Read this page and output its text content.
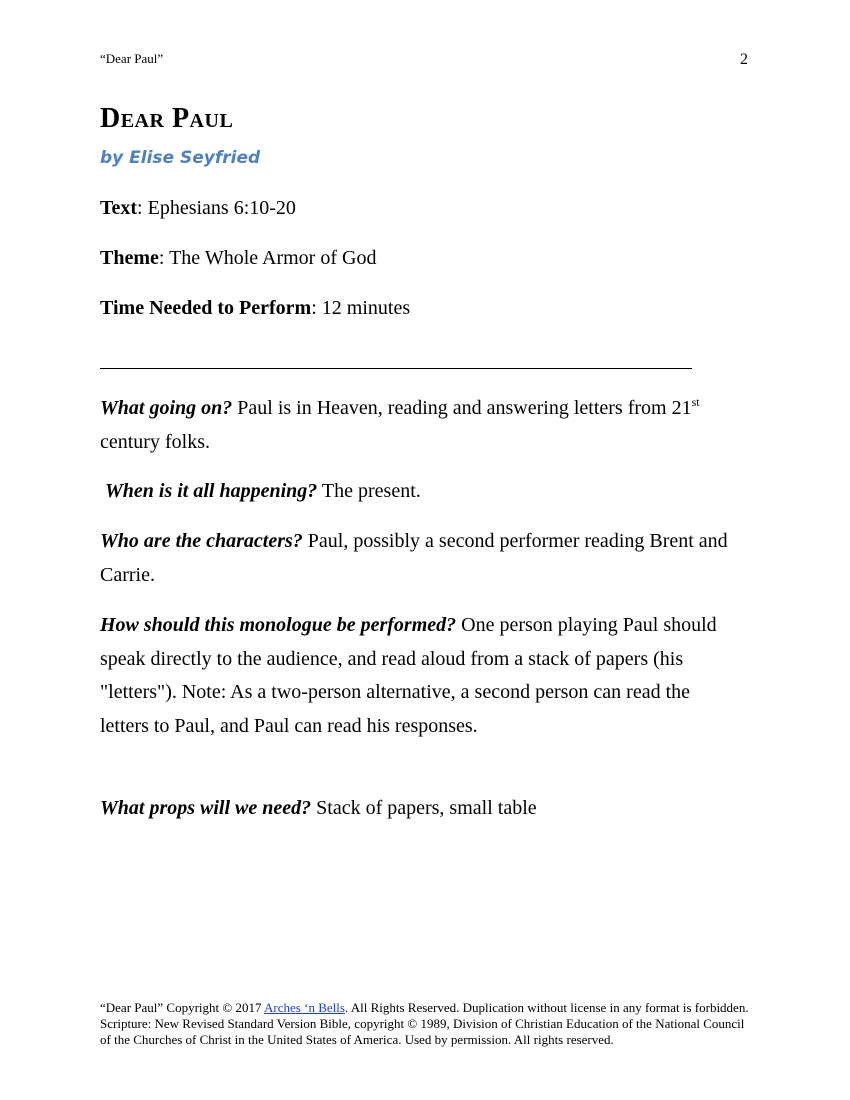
“Dear Paul”	2
Dear Paul
by Elise Seyfried
Text: Ephesians 6:10-20
Theme: The Whole Armor of God
Time Needed to Perform: 12 minutes
What going on? Paul is in Heaven, reading and answering letters from 21st century folks.
When is it all happening? The present.
Who are the characters? Paul, possibly a second performer reading Brent and Carrie.
How should this monologue be performed? One person playing Paul should speak directly to the audience, and read aloud from a stack of papers (his "letters"). Note: As a two-person alternative, a second person can read the letters to Paul, and Paul can read his responses.
What props will we need? Stack of papers, small table
“Dear Paul” Copyright © 2017 Arches ‘n Bells. All Rights Reserved. Duplication without license in any format is forbidden. Scripture: New Revised Standard Version Bible, copyright © 1989, Division of Christian Education of the National Council of the Churches of Christ in the United States of America. Used by permission. All rights reserved.
